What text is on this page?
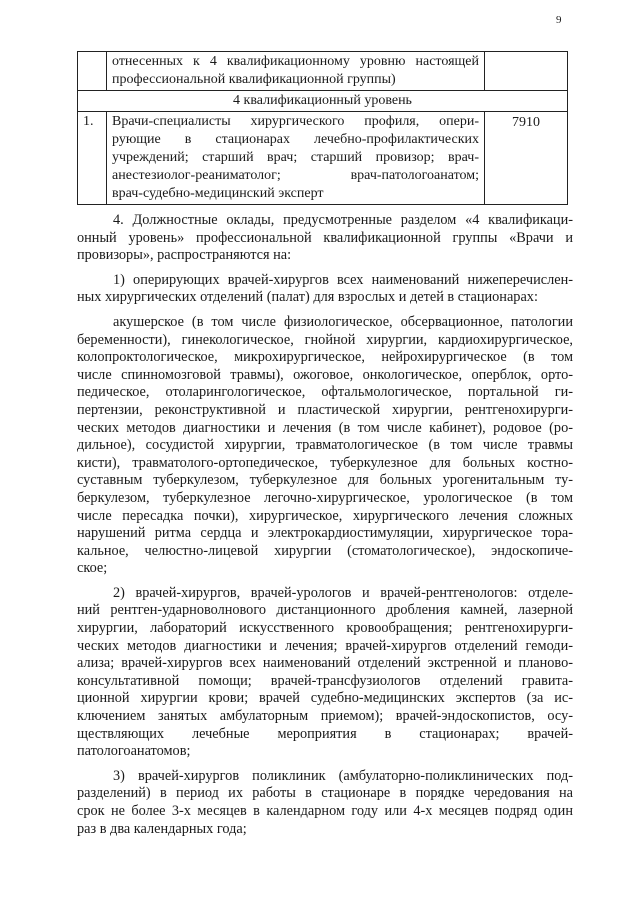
9

	отнесенных к 4 квалификационному уровню настоящей
профессиональной квалификационной группы)	

4 квалификационный уровень		
1.	Врачи-специалисты хирургического профиля, опери-
рующие в стационарах лечебно-профилактических
учреждений; старший врач; старший провизор; врач-
анестезиолог-реаниматолог; врач-патологоанатом;
врач-судебно-медицинский эксперт	7910
4. Должностные оклады, предусмотренные разделом «4 квалификаци-
онный уровень» профессиональной квалификационной группы «Врачи и
провизоры», распространяются на:
1) оперирующих врачей-хирургов всех наименований нижеперечислен-
ных хирургических отделений (палат) для взрослых и детей в стационарах:
акушерское (в том числе физиологическое, обсервационное, патологии
беременности), гинекологическое, гнойной хирургии, кардиохирургическое,
колопроктологическое, микрохирургическое, нейрохирургическое (в том
числе спинномозговой травмы), ожоговое, онкологическое, оперблок, орто-
педическое, отоларингологическое, офтальмологическое, портальной ги-
пертензии, реконструктивной и пластической хирургии, рентгенохирурги-
ческих методов диагностики и лечения (в том числе кабинет), родовое (ро-
дильное), сосудистой хирургии, травматологическое (в том числе травмы
кисти), травматолого-ортопедическое, туберкулезное для больных костно-
суставным туберкулезом, туберкулезное для больных урогенитальным ту-
беркулезом, туберкулезное легочно-хирургическое, урологическое (в том
числе пересадка почки), хирургическое, хирургического лечения сложных
нарушений ритма сердца и электрокардиостимуляции, хирургическое тора-
кальное, челюстно-лицевой хирургии (стоматологическое), эндоскопиче-
ское;
2) врачей-хирургов, врачей-урологов и врачей-рентгенологов: отделе-
ний рентген-ударноволнового дистанционного дробления камней, лазерной
хирургии, лабораторий искусственного кровообращения; рентгенохирурги-
ческих методов диагностики и лечения; врачей-хирургов отделений гемоди-
ализа; врачей-хирургов всех наименований отделений экстренной и планово-
консультативной помощи; врачей-трансфузиологов отделений гравита-
ционной хирургии крови; врачей судебно-медицинских экспертов (за ис-
ключением занятых амбулаторным приемом); врачей-эндоскопистов, осу-
ществляющих лечебные мероприятия в стационарах; врачей-
патологоанатомов;
3) врачей-хирургов поликлиник (амбулаторно-поликлинических под-
разделений) в период их работы в стационаре в порядке чередования на
срок не более 3-х месяцев в календарном году или 4-х месяцев подряд один
раз в два календарных года;
